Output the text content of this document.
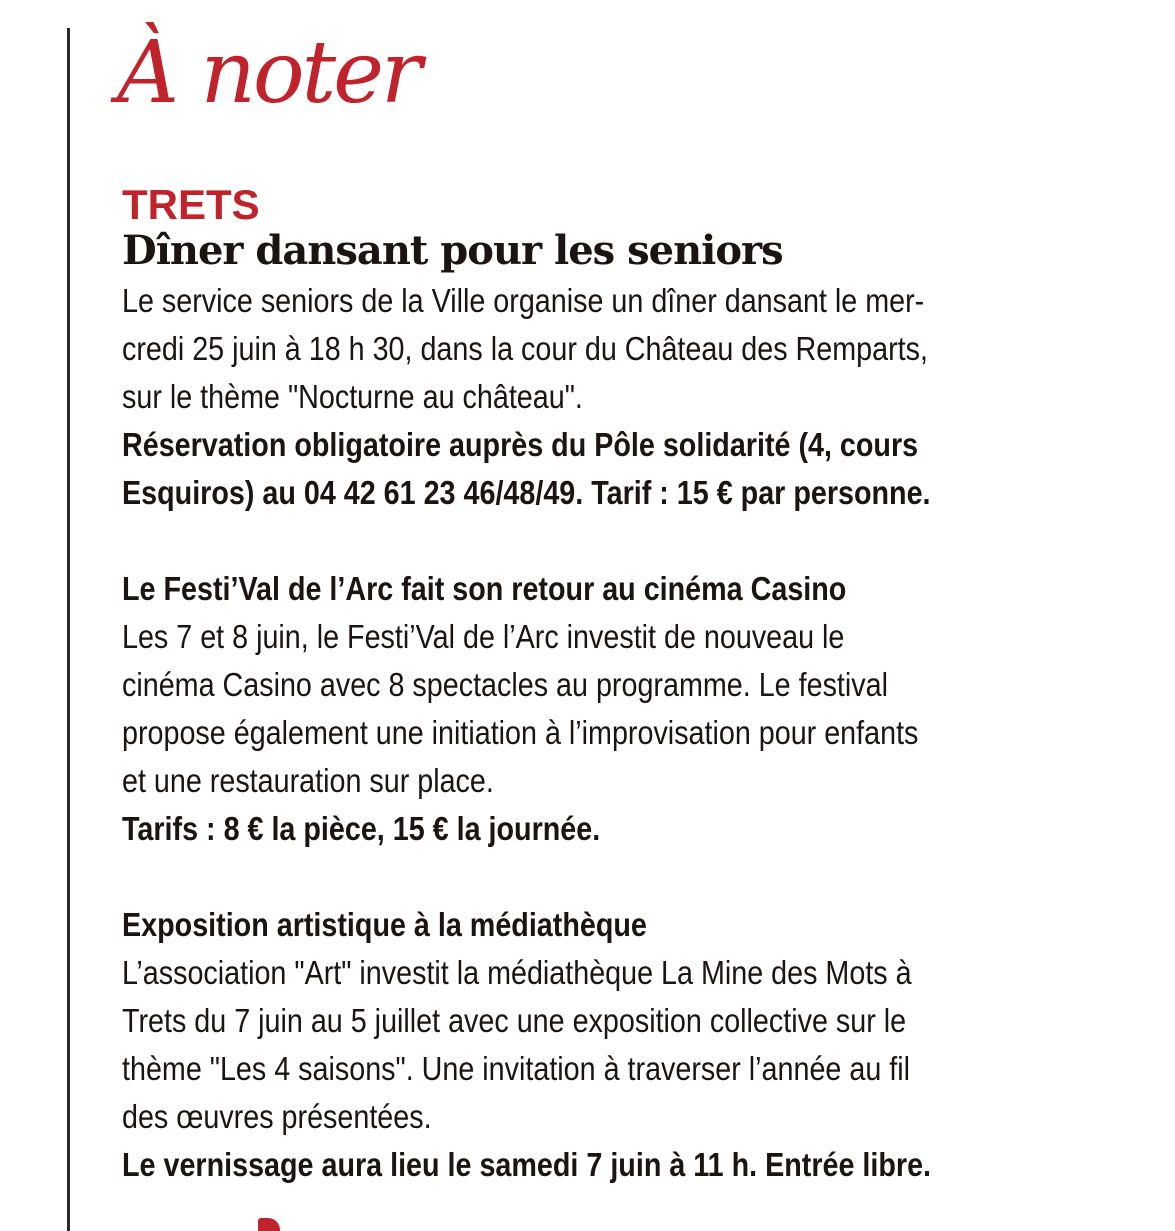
À noter

TRETS

Dîner dansant pour les seniors

Le service seniors de la Ville organise un dîner dansant le mer-

credi 25 juin à 18 h 30, dans la cour du Château des Remparts,

sur le thème "Nocturne au château".

Réservation obligatoire auprès du Pôle solidarité (4, cours

Esquiros) au 04 42 61 23 46/48/49. Tarif : 15 € par personne.

Le Festi’Val de l’Arc fait son retour au cinéma Casino

Les 7 et 8 juin, le Festi’Val de l’Arc investit de nouveau le

cinéma Casino avec 8 spectacles au programme. Le festival

propose également une initiation à l’improvisation pour enfants

et une restauration sur place.

Tarifs : 8 € la pièce, 15 € la journée.

Exposition artistique à la médiathèque

L’association "Art" investit la médiathèque La Mine des Mots à

Trets du 7 juin au 5 juillet avec une exposition collective sur le

thème "Les 4 saisons". Une invitation à traverser l’année au fil

des œuvres présentées.

Le vernissage aura lieu le samedi 7 juin à 11 h. Entrée libre.
